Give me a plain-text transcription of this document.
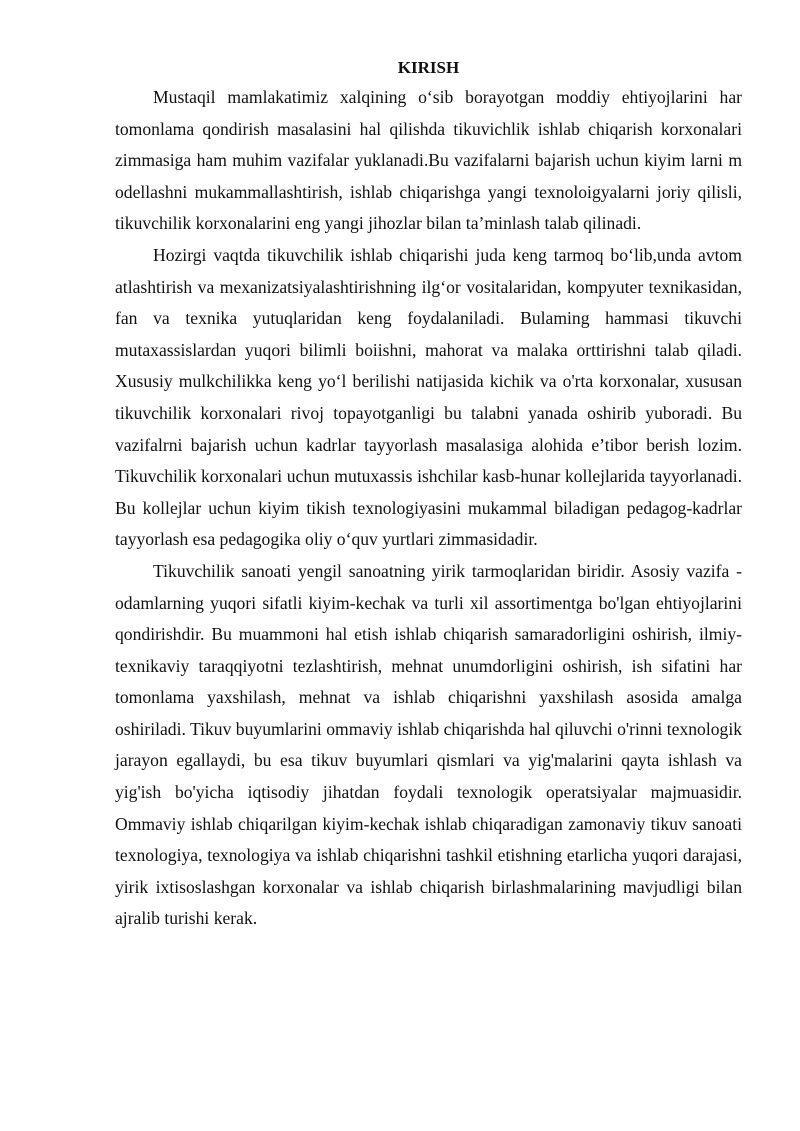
KIRISH

Mustaqil mamlakatimiz xalqining o‘sib borayotgan moddiy ehtiyojlarini har tomonlama qondirish masalasini hal qilishda tikuvichlik ishlab chiqarish korxonalari zimmasiga ham muhim vazifalar yuklanadi.Bu vazifalarni bajarish uchun kiyim larni m odellashni mukammallashtirish, ishlab chiqarishga yangi texnoloigyalarni joriy qilisli, tikuvchilik korxonalarini eng yangi jihozlar bilan ta’minlash talab qilinadi.

Hozirgi vaqtda tikuvchilik ishlab chiqarishi juda keng tarmoq bo‘lib,unda avtom atlashtirish va mexanizatsiyalashtirishning ilg‘or vositalaridan, kompyuter texnikasidan, fan va texnika yutuqlaridan keng foydalaniladi. Bulaming hammasi tikuvchi mutaxassislardan yuqori bilimli boiishni, mahorat va malaka orttirishni talab qiladi. Xususiy mulkchilikka keng yo‘l berilishi natijasida kichik va o'rta korxonalar, xususan tikuvchilik korxonalari rivoj topayotganligi bu talabni yanada oshirib yuboradi. Bu vazifalrni bajarish uchun kadrlar tayyorlash masalasiga alohida e’tibor berish lozim. Tikuvchilik korxonalari uchun mutuxassis ishchilar kasb-hunar kollejlarida tayyorlanadi. Bu kollejlar uchun kiyim tikish texnologiyasini mukammal biladigan pedagog-kadrlar tayyorlash esa pedagogika oliy o‘quv yurtlari zimmasidadir.

Tikuvchilik sanoati yengil sanoatning yirik tarmoqlaridan biridir. Asosiy vazifa - odamlarning yuqori sifatli kiyim-kechak va turli xil assortimentga bo'lgan ehtiyojlarini qondirishdir. Bu muammoni hal etish ishlab chiqarish samaradorligini oshirish, ilmiy-texnikaviy taraqqiyotni tezlashtirish, mehnat unumdorligini oshirish, ish sifatini har tomonlama yaxshilash, mehnat va ishlab chiqarishni yaxshilash asosida amalga oshiriladi. Tikuv buyumlarini ommaviy ishlab chiqarishda hal qiluvchi o'rinni texnologik jarayon egallaydi, bu esa tikuv buyumlari qismlari va yig'malarini qayta ishlash va yig'ish bo'yicha iqtisodiy jihatdan foydali texnologik operatsiyalar majmuasidir. Ommaviy ishlab chiqarilgan kiyim-kechak ishlab chiqaradigan zamonaviy tikuv sanoati texnologiya, texnologiya va ishlab chiqarishni tashkil etishning etarlicha yuqori darajasi, yirik ixtisoslashgan korxonalar va ishlab chiqarish birlashmalarining mavjudligi bilan ajralib turishi kerak.
